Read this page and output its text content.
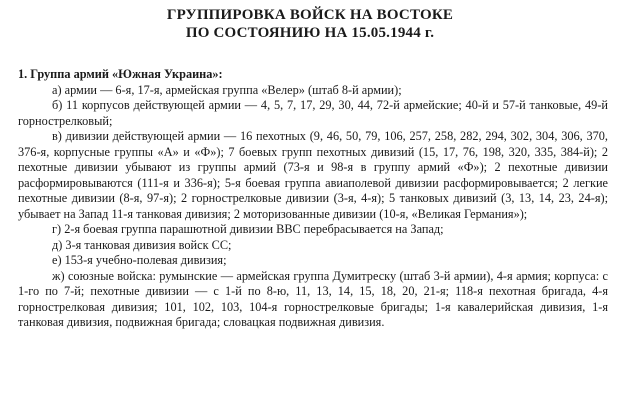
ГРУППИРОВКА ВОЙСК НА ВОСТОКЕ
ПО СОСТОЯНИЮ НА 15.05.1944 г.

1. Группа армий «Южная Украина»:

а) армии — 6-я, 17-я, армейская группа «Велер» (штаб 8-й армии);

б) 11 корпусов действующей армии — 4, 5, 7, 17, 29, 30, 44, 72-й армейские; 40-й и 57-й танковые, 49-й горнострелковый;

в) дивизии действующей армии — 16 пехотных (9, 46, 50, 79, 106, 257, 258, 282, 294, 302, 304, 306, 370, 376-я, корпусные группы «А» и «Ф»); 7 боевых групп пехотных дивизий (15, 17, 76, 198, 320, 335, 384-й); 2 пехотные дивизии убывают из группы армий (73-я и 98-я в группу армий «Ф»); 2 пехотные дивизии расформировываются (111-я и 336-я); 5-я боевая группа авиаполевой дивизии расформировывается; 2 легкие пехотные дивизии (8-я, 97-я); 2 горнострелковые дивизии (3-я, 4-я); 5 танковых дивизий (3, 13, 14, 23, 24-я); убывает на Запад 11-я танковая дивизия; 2 моторизованные дивизии (10-я, «Великая Германия»);

г) 2-я боевая группа парашютной дивизии ВВС перебрасывается на Запад;

д) 3-я танковая дивизия войск СС;

е) 153-я учебно-полевая дивизия;

ж) союзные войска: румынские — армейская группа Думитреску (штаб 3-й армии), 4-я армия; корпуса: с 1-го по 7-й; пехотные дивизии — с 1-й по 8-ю, 11, 13, 14, 15, 18, 20, 21-я; 118-я пехотная бригада, 4-я горнострелковая дивизия; 101, 102, 103, 104-я горнострелковые бригады; 1-я кавалерийская дивизия, 1-я танковая дивизия, подвижная бригада; словацкая подвижная дивизия.
